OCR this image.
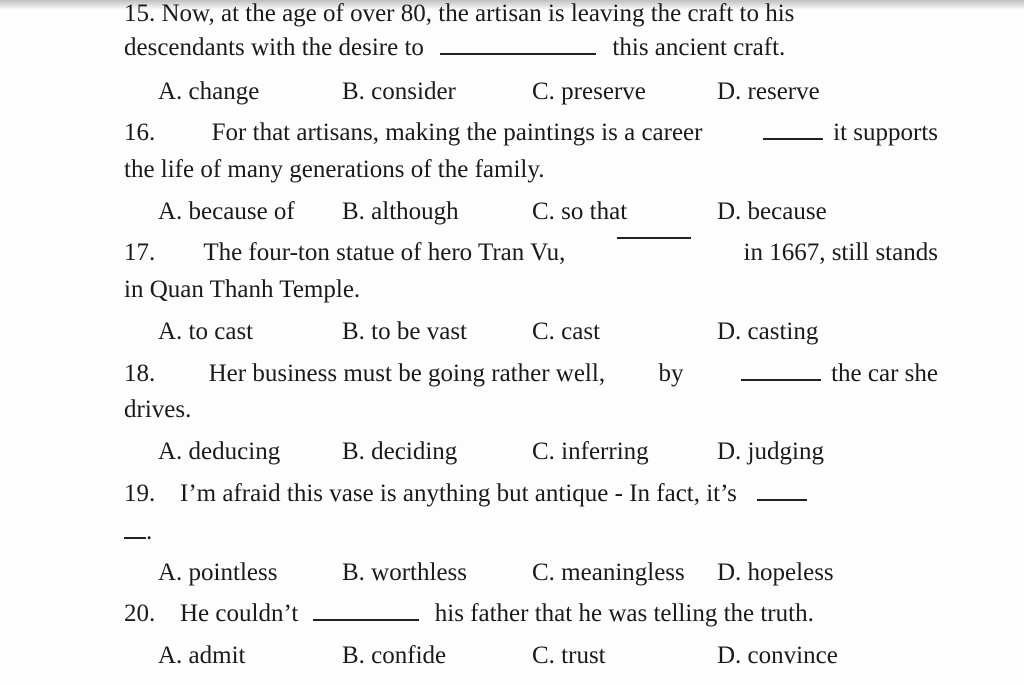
15. Now, at the age of over 80, the artisan is leaving the craft to his
descendants with the desire to	this ancient craft.
A. change	B. consider	C. preserve	D. reserve
16. For that artisans, making the paintings is a career	it supports
the life of many generations of the family.
A. because of B. although	C. so that	D. because
17. The four-ton statue of hero Tran Vu,	in 1667, still stands
in Quan Thanh Temple.
A. to cast	B. to be vast	C. cast	D. casting
18. Her business must be going rather well, by	the car she
drives.
A. deducing B. deciding	C. inferring	D. judging
19. I’m afraid this vase is anything but antique - In fact, it’s
.
A. pointless	B. worthless	C. meaningless D. hopeless
20. He couldn’t	his father that he was telling the truth.
A. admit	B. confide	C. trust	D. convince
